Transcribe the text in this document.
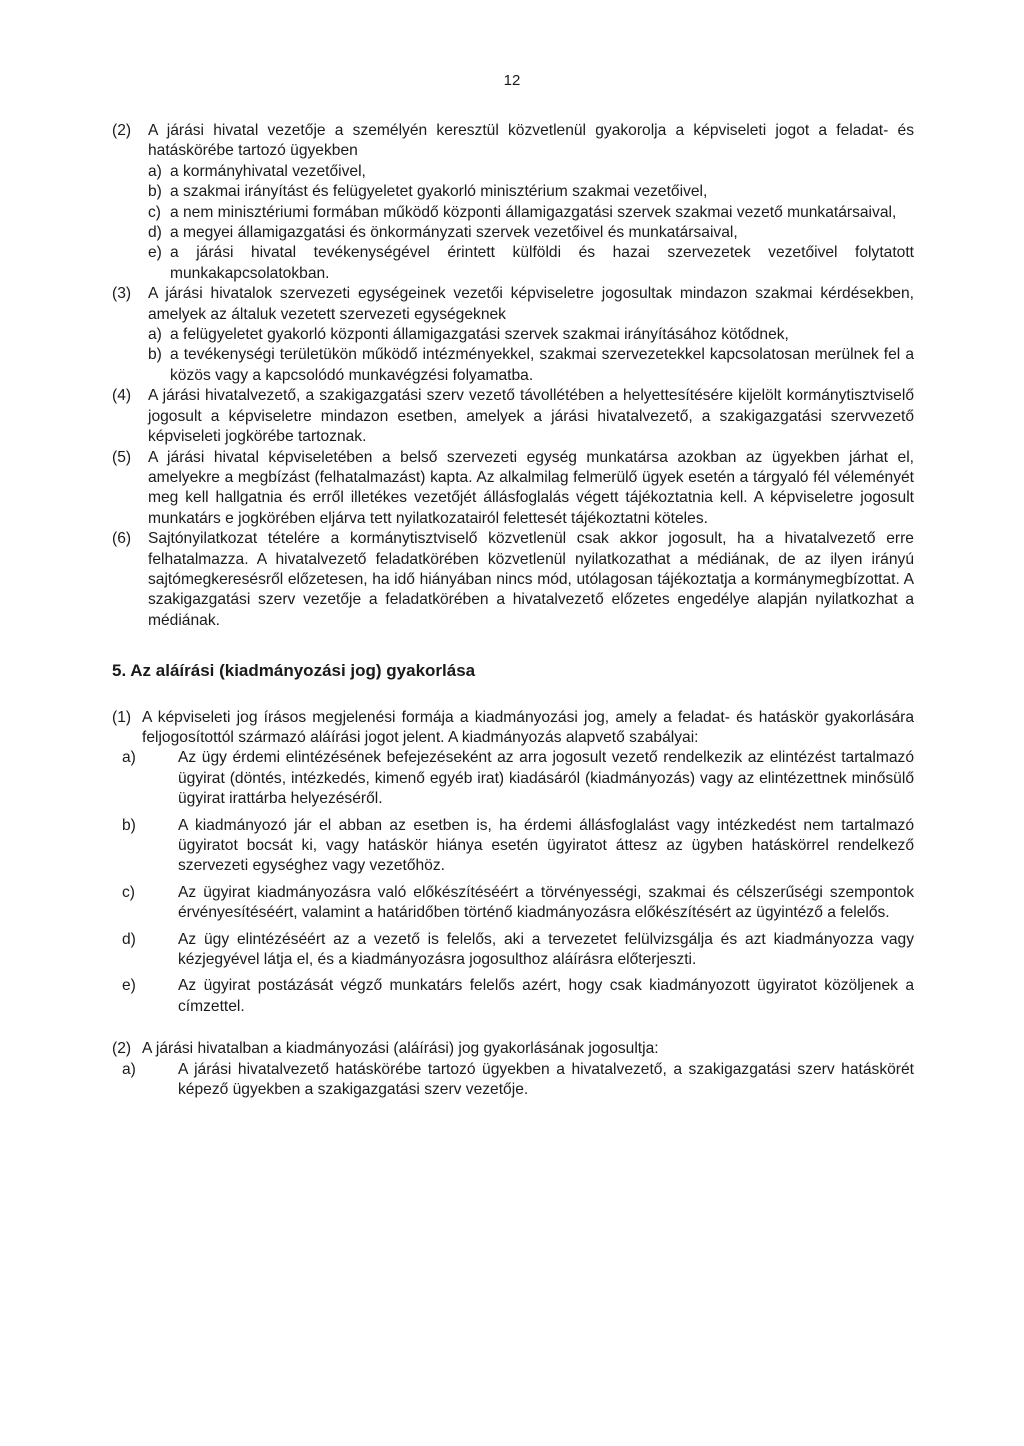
12
(2) A járási hivatal vezetője a személyén keresztül közvetlenül gyakorolja a képviseleti jogot a feladat- és hatáskörébe tartozó ügyekben

a) a kormányhivatal vezetőivel,
b) a szakmai irányítást és felügyeletet gyakorló minisztérium szakmai vezetőivel,
c) a nem minisztériumi formában működő központi államigazgatási szervek szakmai vezető munkatársaival,
d) a megyei államigazgatási és önkormányzati szervek vezetőivel és munkatársaival,
e) a járási hivatal tevékenységével érintett külföldi és hazai szervezetek vezetőivel folytatott munkakapcsolatokban.
(3) A járási hivatalok szervezeti egységeinek vezetői képviseletre jogosultak mindazon szakmai kérdésekben, amelyek az általuk vezetett szervezeti egységeknek

a) a felügyeletet gyakorló központi államigazgatási szervek szakmai irányításához kötődnek,
b) a tevékenységi területükön működő intézményekkel, szakmai szervezetekkel kapcsolatosan merülnek fel a közös vagy a kapcsolódó munkavégzési folyamatba.
(4) A járási hivatalvezető, a szakigazgatási szerv vezető távollétében a helyettesítésére kijelölt kormánytisztviselő jogosult a képviseletre mindazon esetben, amelyek a járási hivatalvezető, a szakigazgatási szervvezető képviseleti jogkörébe tartoznak.

(5) A járási hivatal képviseletében a belső szervezeti egység munkatársa azokban az ügyekben járhat el, amelyekre a megbízást (felhatalmazást) kapta. Az alkalmilag felmerülő ügyek esetén a tárgyaló fél véleményét meg kell hallgatnia és erről illetékes vezetőjét állásfoglalás végett tájékoztatnia kell. A képviseletre jogosult munkatárs e jogkörében eljárva tett nyilatkozatairól felettesét tájékoztatni köteles.

(6) Sajtónyilatkozat tételére a kormánytisztviselő közvetlenül csak akkor jogosult, ha a hivatalvezető erre felhatalmazza. A hivatalvezető feladatkörében közvetlenül nyilatkozathat a médiának, de az ilyen irányú sajtómegkeresésről előzetesen, ha idő hiányában nincs mód, utólagosan tájékoztatja a kormánymegbízottat. A szakigazgatási szerv vezetője a feladatkörében a hivatalvezető előzetes engedélye alapján nyilatkozhat a médiának.

5. Az aláírási (kiadmányozási jog) gyakorlása
(1) A képviseleti jog írásos megjelenési formája a kiadmányozási jog, amely a feladat- és hatáskör gyakorlására feljogosítottól származó aláírási jogot jelent. A kiadmányozás alapvető szabályai:

a)	Az ügy érdemi elintézésének befejezéseként az arra jogosult vezető rendelkezik az elintézést tartalmazó ügyirat (döntés, intézkedés, kimenő egyéb irat) kiadásáról (kiadmányozás) vagy az elintézettnek minősülő ügyirat irattárba helyezéséről.
b)	A kiadmányozó jár el abban az esetben is, ha érdemi állásfoglalást vagy intézkedést nem tartalmazó ügyiratot bocsát ki, vagy hatáskör hiánya esetén ügyiratot áttesz az ügyben hatáskörrel rendelkező szervezeti egységhez vagy vezetőhöz.
c)	Az ügyirat kiadmányozásra való előkészítéséért a törvényességi, szakmai és célszerűségi szempontok érvényesítéséért, valamint a határidőben történő kiadmányozásra előkészítésért az ügyintéző a felelős.
d)	Az ügy elintézéséért az a vezető is felelős, aki a tervezetet felülvizsgálja és azt kiadmányozza vagy kézjegyével látja el, és a kiadmányozásra jogosulthoz aláírásra előterjeszti.
e)	Az ügyirat postázását végző munkatárs felelős azért, hogy csak kiadmányozott ügyiratot közöljenek a címzettel.
(2) A járási hivatalban a kiadmányozási (aláírási) jog gyakorlásának jogosultja:

a)	A járási hivatalvezető hatáskörébe tartozó ügyekben a hivatalvezető, a szakigazgatási szerv hatáskörét képező ügyekben a szakigazgatási szerv vezetője.
